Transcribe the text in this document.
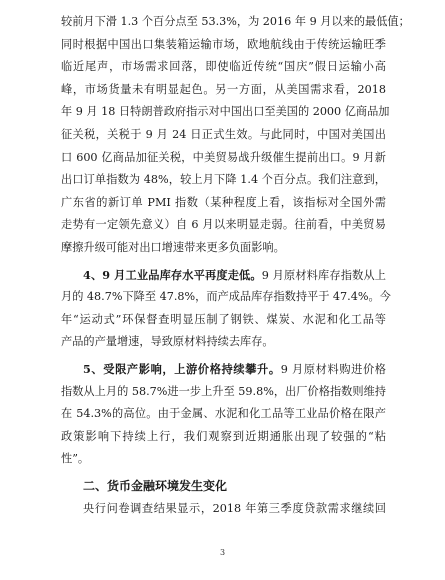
较前月下滑 1.3 个百分点至 53.3%，为 2016 年 9 月以来的最低值；
同时根据中国出口集装箱运输市场，欧地航线由于传统运输旺季
临近尾声，市场需求回落，即使临近传统“国庆”假日运输小高
峰，市场货量未有明显起色。另一方面，从美国需求看，2018
年 9 月 18 日特朗普政府指示对中国出口至美国的 2000 亿商品加
征关税，关税于 9 月 24 日正式生效。与此同时，中国对美国出
口 600 亿商品加征关税，中美贸易战升级催生提前出口。9 月新
出口订单指数为 48%，较上月下降 1.4 个百分点。我们注意到，
广东省的新订单 PMI 指数（某种程度上看，该指标对全国外需
走势有一定领先意义）自 6 月以来明显走弱。往前看，中美贸易
摩擦升级可能对出口增速带来更多负面影响。
4、9 月工业品库存水平再度走低。9 月原材料库存指数从上
月的 48.7%下降至 47.8%，而产成品库存指数持平于 47.4%。今
年“运动式”环保督查明显压制了钢铁、煤炭、水泥和化工品等
产品的产量增速，导致原材料持续去库存。
5、受限产影响，上游价格持续攀升。9 月原材料购进价格
指数从上月的 58.7%进一步上升至 59.8%，出厂价格指数则维持
在 54.3%的高位。由于金属、水泥和化工品等工业品价格在限产
政策影响下持续上行，我们观察到近期通胀出现了较强的“粘
性”。
二、货币金融环境发生变化
央行问卷调查结果显示，2018 年第三季度贷款需求继续回
3
